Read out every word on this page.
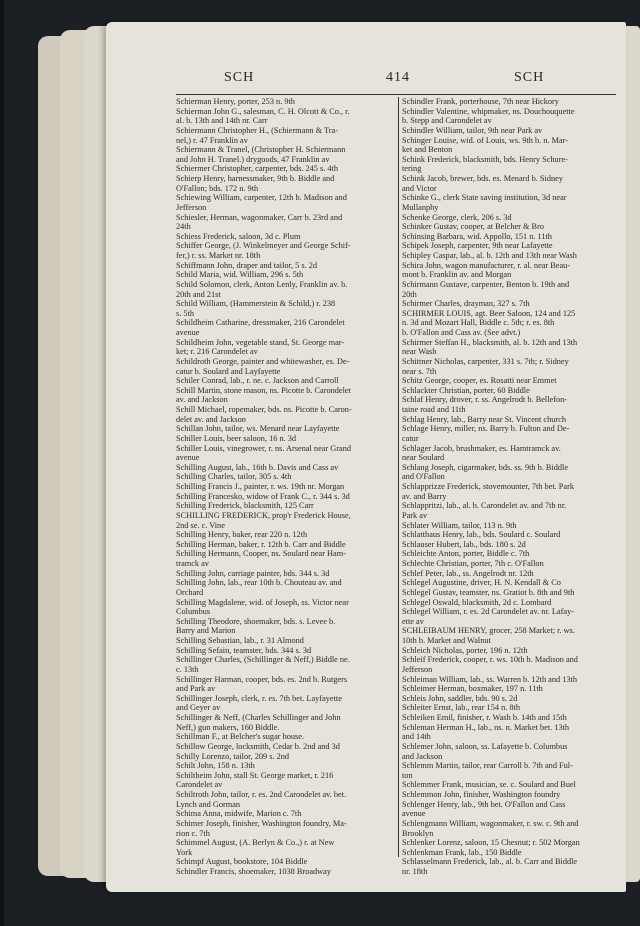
SCH	414	SCH
Schierman Henry, porter, 253 n. 9th
Schierman John G., salesman, C. H. Olcott & Co., r.
al. b. 13th and 14th nr. Carr
Schiermann Christopher H., (Schiermann & Tra-
nel,) r. 47 Franklin av
Schiermann & Tranel, (Christopher H. Schiermann
and John H. Tranel.) drygoods, 47 Franklin av
Schiermer Christopher, carpenter, bds. 245 s. 4th
Schierp Henry, harnessmaker, 9th b. Biddle and
O'Fallon; bds. 172 n. 9th
Schiewing William, carpenter, 12th b. Madison and
Jefferson
Schiesler, Herman, wagonmaker, Carr b. 23rd and
24th
Schiess Frederick, saloon, 3d c. Plum
Schiffer George, (J. Winkelmeyer and George Schif-
fer,) r. ss. Market nr. 18th
Schiffmann John, draper and tailor, 5 s. 2d
Schild Maria, wid. William, 296 s. 5th
Schild Solomon, clerk, Anton Lenly, Franklin av. b.
20th and 21st
Schild William, (Hammerstein & Schild,) r. 238
s. 5th
Schildheim Catharine, dressmaker, 216 Carondelet
avenue
Schildheim John, vegetable stand, St. George mar-
ket; r. 216 Carondelet av
Schildroth George, painter and whitewasher, es. De-
catur b. Soulard and Layfayette
Schiler Conrad, lab., r. ne. c. Jackson and Carroll
Schill Martin, stone mason, ns. Picotte b. Carondelet
av. and Jackson
Schill Michael, ropemaker, bds. ns. Picotte b. Caron-
delet av. and Jackson
Schillan John, tailor, ws. Menard near Layfayette
Schiller Louis, beer saloon, 16 n. 3d
Schiller Louis, vinegrower, r. ns. Arsenal near Grand
avenue
Schilling August, lab., 16th b. Davis and Cass av
Schilling Charles, tailor, 305 s. 4th
Schilling Francis J., painter, r. ws. 19th nr. Morgan
Schilling Francesko, widow of Frank C., r. 344 s. 3d
Schilling Frederick, blacksmith, 125 Carr
SCHILLING FREDERICK, prop'r Frederick House,
2nd se. c. Vine
Schilling Henry, baker, rear 220 n. 12th
Schilling Herman, baker, r. 12th b. Carr and Biddle
Schilling Hermann, Cooper, ns. Soulard near Ham-
tramck av
Schilling John, carriage painter, bds. 344 s. 3d
Schilling John, lab., rear 10th b. Chouteau av. and
Orchard
Schilling Magdalene, wid. of Joseph, ss. Victor near
Columbus
Schilling Theodore, shoemaker, bds. s. Levee b.
Barry and Marion
Schilling Sebastian, lab., r. 31 Almond
Schilling Sefain, teamster, bds. 344 s. 3d
Schillinger Charles, (Schillinger & Neff,) Biddle ne.
c. 13th
Schillinger Harman, cooper, bds. es. 2nd b. Rutgers
and Park av
Schillinger Joseph, clerk, r. es. 7th bet. Layfayette
and Geyer av
Schillinger & Neff, (Charles Schillinger and John
Neff,) gun makers, 160 Biddle.
Schillman F., at Belcher's sugar house.
Schillow George, locksmith, Cedar b. 2nd and 3d
Schilly Lorenzo, tailor, 209 s. 2nd
Schilt John, 158 n. 13th
Schiltheim John, stall St. George market, r. 216
Carondelet av
Schiltroth John, tailor, r. es. 2nd Carondelet av. bet.
Lynch and Gorman
Schima Anna, midwife, Marion c. 7th
Schimer Joseph, finisher, Washington foundry, Ma-
rion c. 7th
Schimmel August, (A. Berlyn & Co.,) r. at New
York
Schimpf August, bookstore, 104 Biddle
Schindler Francis, shoemaker, 1038 Broadway
Schindler Frank, porterhouse, 7th near Hickory
Schindler Valentine, whipmaker, ns. Douchouquette
b. Stepp and Carondelet av
Schindler William, tailor, 9th near Park av
Schinger Louise, wid. of Louis, ws. 9th b. n. Mar-
ket and Benton
Schink Frederick, blacksmith, bds. Henry Schure-
tering
Schink Jacob, brewer, bds. es. Menard b. Sidney
and Victor
Schinke G., clerk State saving institution, 3d near
Mullanphy
Schenke George, clerk, 206 s. 3d
Schinker Gustav, cooper, at Belcher & Bro
Schinsing Barbara, wid. Appollo, 151 n. 11th
Schipek Joseph, carpenter, 9th near Lafayette
Schipley Caspar, lab., al. b. 12th and 13th near Wash
Schira John, wagon manufacturer, r. al. near Beau-
mont b. Franklin av. and Morgan
Schirmann Gustave, carpenter, Benton b. 19th and
20th
Schirmer Charles, drayman, 327 s. 7th
SCHIRMER LOUIS, agt. Beer Saloon, 124 and 125
n. 3d and Mozart Hall, Biddle c. 5th; r. es. 8th
b. O'Fallon and Cass av. (See advt.)
Schirmer Steffan H., blacksmith, al. b. 12th and 13th
near Wash
Schittner Nicholas, carpenter, 331 s. 7th; r. Sidney
near s. 7th
Schitz George, cooper, es. Rosatti near Emmet
Schlackter Christian, porter, 60 Biddle
Schlaf Henry, drover, r. ss. Angelrodt b. Bellefon-
taine road and 11th
Schlag Henry, lab., Barry near St. Vincent church
Schlage Henry, miller, ns. Barry b. Fulton and De-
catur
Schlager Jacob, brushmaker, es. Hamtramck av.
near Soulard
Schlang Joseph, cigarmaker, bds. ss. 9th b. Biddle
and O'Fallon
Schlapprizze Frederick, stovemounter, 7th bet. Park
av. and Barry
Schlappritzi, lab., al. b. Carondelet av. and 7th nr.
Park av
Schlater William, tailor, 113 n. 9th
Schlatthaus Henry, lab., bds. Soulard c. Soulard
Schlauser Hubert, lab., bds. 180 s. 2d
Schleichte Anton, porter, Biddle c. 7th
Schlechte Christian, porter, 7th c. O'Fallon
Schlef Peter, lab., ss. Angelrodt nr. 12th
Schlegel Augustine, driver, H. N. Kendall & Co
Schlegel Gustav, teamster, ns. Gratiot b. 8th and 9th
Schlegel Oswald, blacksmith, 2d c. Lombard
Schlegel William, r. es. 2d Carondelet av. nr. Lafay-
ette av
SCHLEIBAUM HENRY, grocer, 258 Market; r. ws.
10th b. Market and Walnut
Schleich Nicholas, porter, 196 n. 12th
Schleif Frederick, cooper, r. ws. 10th b. Madison and
Jefferson
Schleiman William, lab., ss. Warren b. 12th and 13th
Schleimer Herman, boxmaker, 197 n. 11th
Schleis John, saddler, bds. 90 s. 2d
Schleiter Ernst, lab., rear 154 n. 8th
Schleiken Emil, finisher, r. Wash b. 14th and 15th
Schleman Herman H., lab., ns. n. Market bet. 13th
and 14th
Schlemer John, saloon, ss. Lafayette b. Columbus
and Jackson
Schlemm Martin, tailor, rear Carroll b. 7th and Ful-
ton
Schlemmer Frank, musician, se. c. Soulard and Buel
Schlemmon John, finisher, Washington foundry
Schlenger Henry, lab., 9th bet. O'Fallon and Cass
avenue
Schlengmann William, wagonmaker, r. sw. c. 9th and
Brooklyn
Schlenker Lorenz, saloon, 15 Chesnut; r. 502 Morgan
Schlenkman Frank, lab., 150 Biddle
Schlasselmann Frederick, lab., al. b. Carr and Biddle
nr. 18th
